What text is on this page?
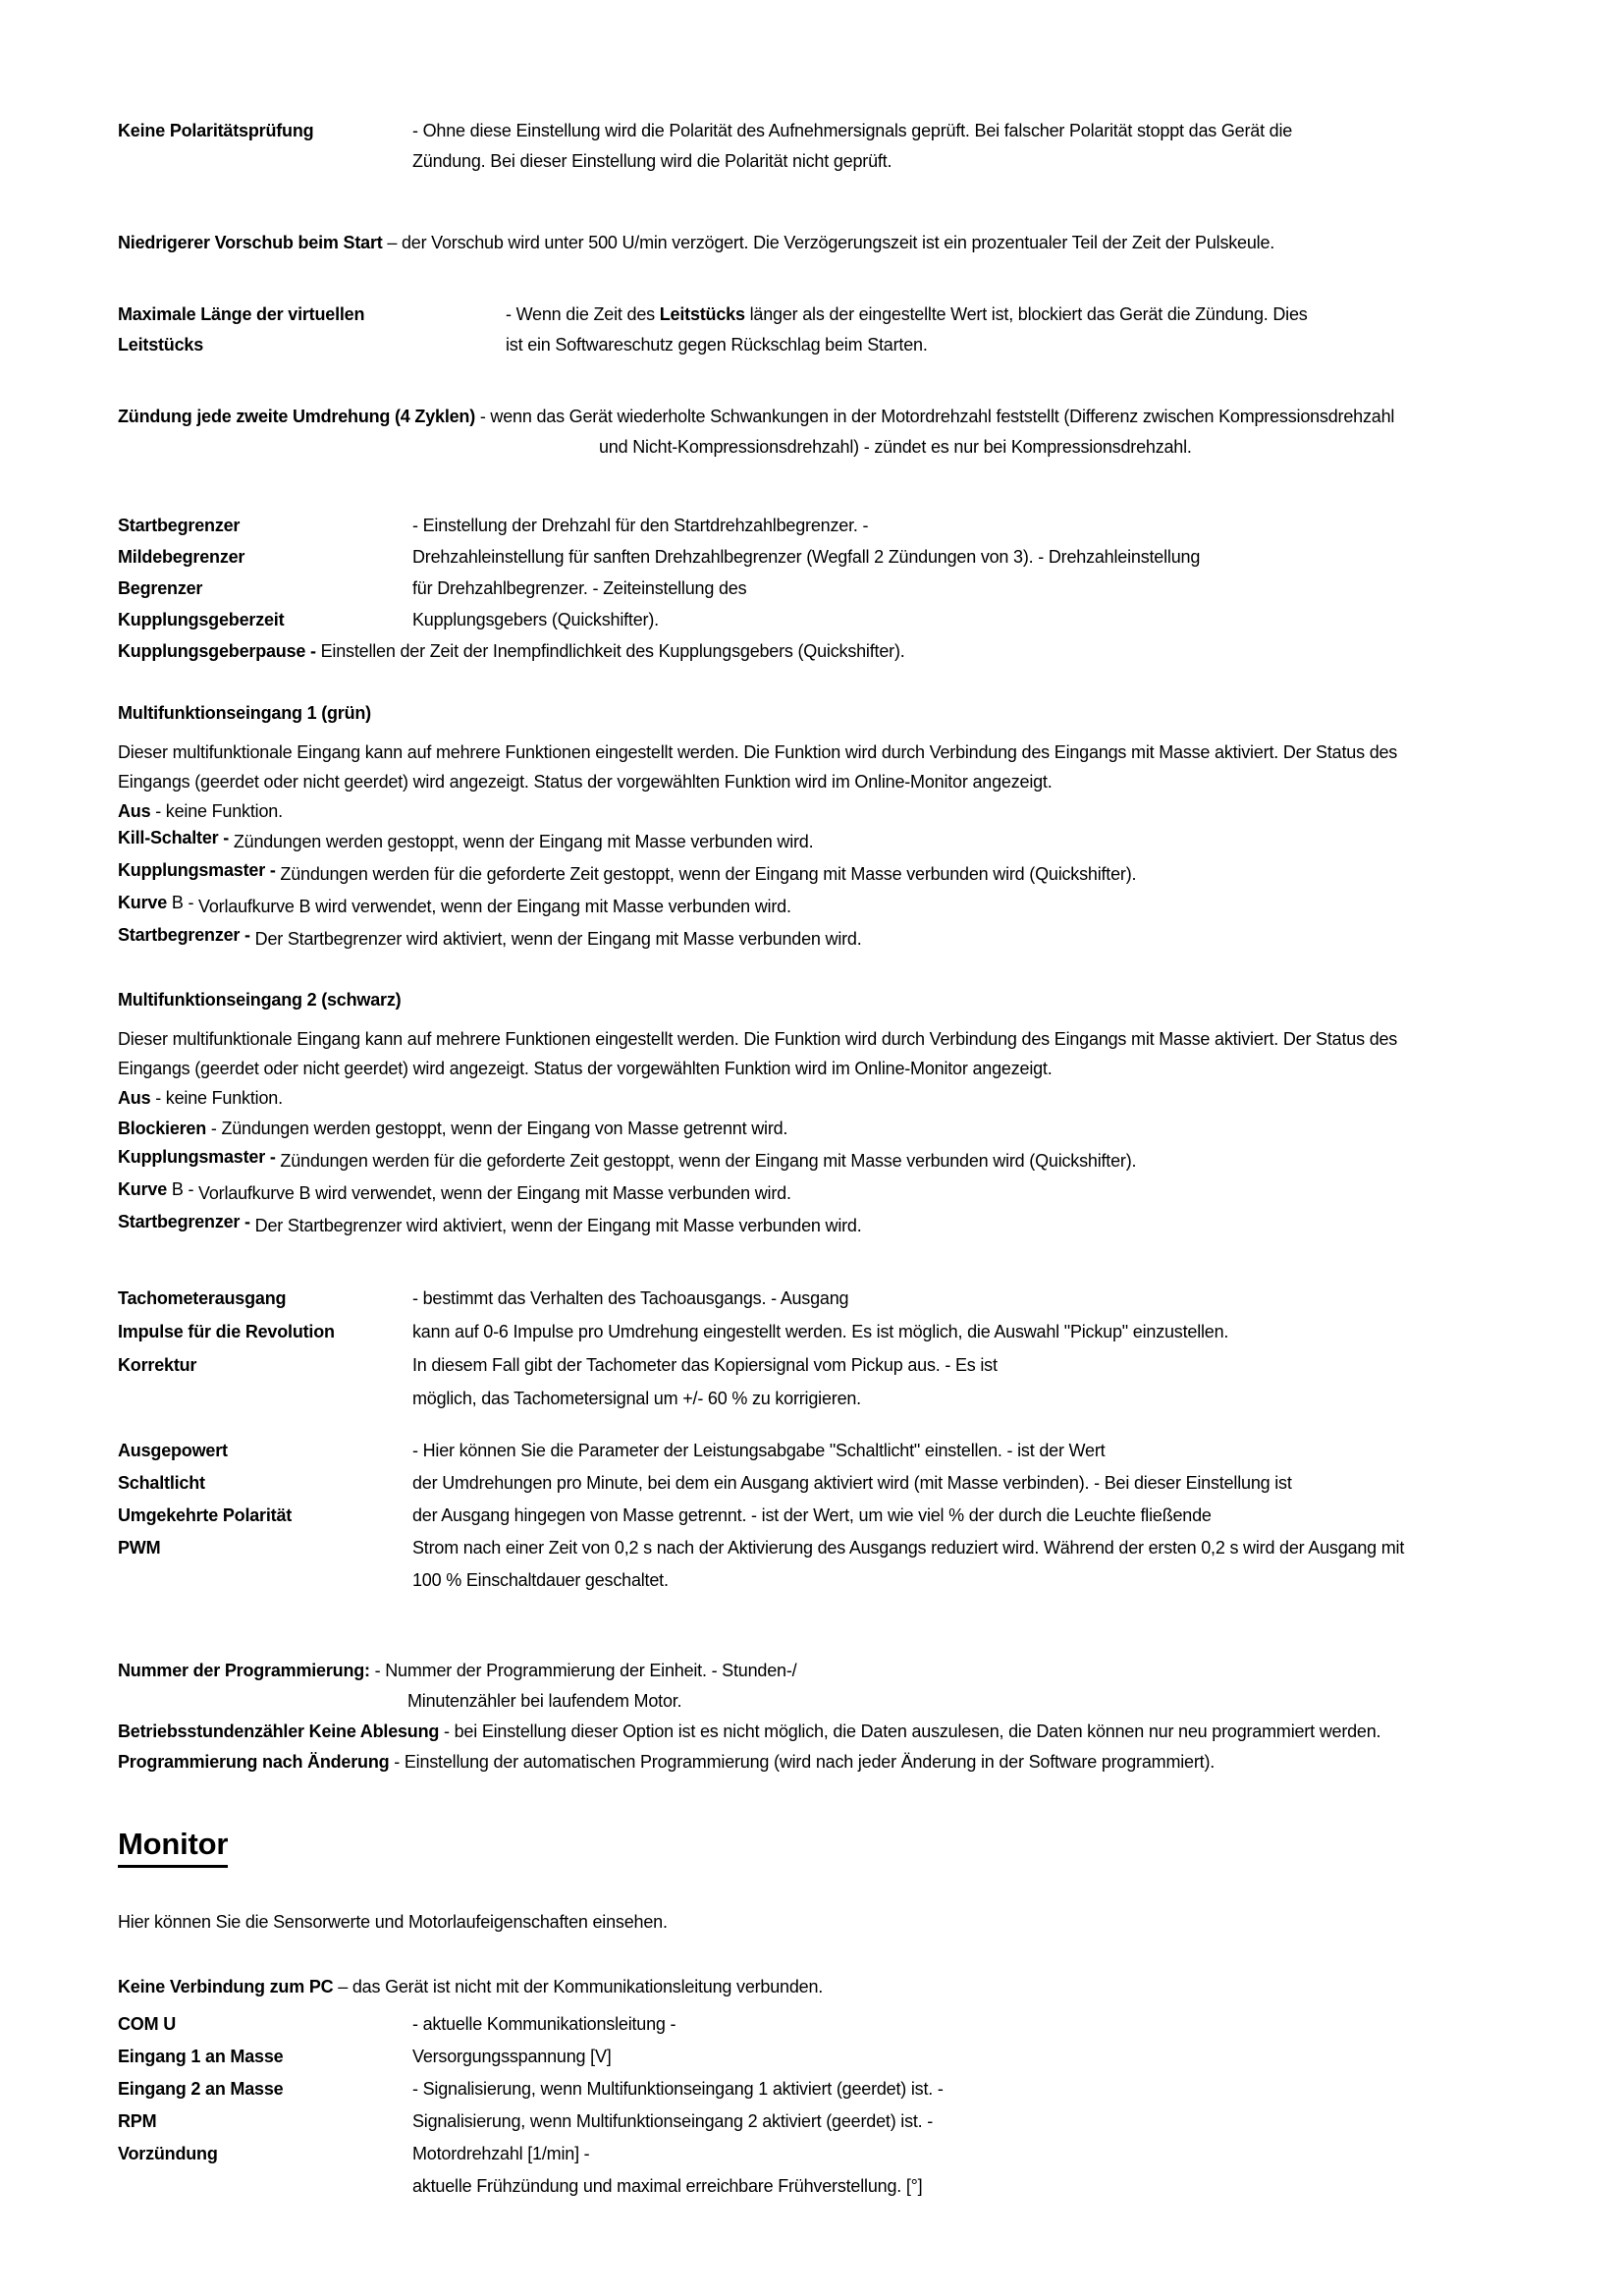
Keine Polaritätsprüfung	- Ohne diese Einstellung wird die Polarität des Aufnehmersignals geprüft. Bei falscher Polarität stoppt das Gerät die
Zündung. Bei dieser Einstellung wird die Polarität nicht geprüft.
Niedrigerer Vorschub beim Start – der Vorschub wird unter 500 U/min verzögert. Die Verzögerungszeit ist ein prozentualer Teil der Zeit der Pulskeule.
Maximale Länge der virtuellen
Leitstücks
- Wenn die Zeit des Leitstücks länger als der eingestellte Wert ist, blockiert das Gerät die Zündung. Dies
ist ein Softwareschutz gegen Rückschlag beim Starten.
Zündung jede zweite Umdrehung (4 Zyklen) - wenn das Gerät wiederholte Schwankungen in der Motordrehzahl feststellt (Differenz zwischen Kompressionsdrehzahl
und Nicht-Kompressionsdrehzahl) - zündet es nur bei Kompressionsdrehzahl.
Startbegrenzer
Mildebegrenzer
Begrenzer
Kupplungsgeberzeit
- Einstellung der Drehzahl für den Startdrehzahlbegrenzer. -
Drehzahleinstellung für sanften Drehzahlbegrenzer (Wegfall 2 Zündungen von 3). - Drehzahleinstellung
für Drehzahlbegrenzer. - Zeiteinstellung des
Kupplungsgebers (Quickshifter).
Kupplungsgeberpause - Einstellen der Zeit der Inempfindlichkeit des Kupplungsgebers (Quickshifter).
Multifunktionseingang 1 (grün)
Dieser multifunktionale Eingang kann auf mehrere Funktionen eingestellt werden. Die Funktion wird durch Verbindung des Eingangs mit Masse aktiviert. Der Status des
Eingangs (geerdet oder nicht geerdet) wird angezeigt. Status der vorgewählten Funktion wird im Online-Monitor angezeigt.
Aus - keine Funktion.
Kill-Schalter - Zündungen werden gestoppt, wenn der Eingang mit Masse verbunden wird.
Kupplungsmaster - Zündungen werden für die geforderte Zeit gestoppt, wenn der Eingang mit Masse verbunden wird (Quickshifter).
Kurve B - Vorlaufkurve B wird verwendet, wenn der Eingang mit Masse verbunden wird.
Startbegrenzer - Der Startbegrenzer wird aktiviert, wenn der Eingang mit Masse verbunden wird.
Multifunktionseingang 2 (schwarz)
Dieser multifunktionale Eingang kann auf mehrere Funktionen eingestellt werden. Die Funktion wird durch Verbindung des Eingangs mit Masse aktiviert. Der Status des
Eingangs (geerdet oder nicht geerdet) wird angezeigt. Status der vorgewählten Funktion wird im Online-Monitor angezeigt.
Aus - keine Funktion.
Blockieren - Zündungen werden gestoppt, wenn der Eingang von Masse getrennt wird.
Kupplungsmaster - Zündungen werden für die geforderte Zeit gestoppt, wenn der Eingang mit Masse verbunden wird (Quickshifter).
Kurve B - Vorlaufkurve B wird verwendet, wenn der Eingang mit Masse verbunden wird.
Startbegrenzer - Der Startbegrenzer wird aktiviert, wenn der Eingang mit Masse verbunden wird.
Tachometerausgang
Impulse für die Revolution
Korrektur
- bestimmt das Verhalten des Tachoausgangs. - Ausgang
kann auf 0-6 Impulse pro Umdrehung eingestellt werden. Es ist möglich, die Auswahl "Pickup" einzustellen.
In diesem Fall gibt der Tachometer das Kopiersignal vom Pickup aus. - Es ist
möglich, das Tachometersignal um +/- 60 % zu korrigieren.
Ausgepowert
Schaltlicht
Umgekehrte Polarität
PWM
- Hier können Sie die Parameter der Leistungsabgabe "Schaltlicht" einstellen. - ist der Wert
der Umdrehungen pro Minute, bei dem ein Ausgang aktiviert wird (mit Masse verbinden). - Bei dieser Einstellung ist
der Ausgang hingegen von Masse getrennt. - ist der Wert, um wie viel % der durch die Leuchte fließende
Strom nach einer Zeit von 0,2 s nach der Aktivierung des Ausgangs reduziert wird. Während der ersten 0,2 s wird der Ausgang mit
100 % Einschaltdauer geschaltet.
Nummer der Programmierung: - Nummer der Programmierung der Einheit. - Stunden-/
Minutenzähler bei laufendem Motor.
Betriebsstundenzähler Keine Ablesung - bei Einstellung dieser Option ist es nicht möglich, die Daten auszulesen, die Daten können nur neu programmiert werden.
Programmierung nach Änderung - Einstellung der automatischen Programmierung (wird nach jeder Änderung in der Software programmiert).
Monitor
Hier können Sie die Sensorwerte und Motorlaufeigenschaften einsehen.
Keine Verbindung zum PC – das Gerät ist nicht mit der Kommunikationsleitung verbunden.
COM U
Eingang 1 an Masse
Eingang 2 an Masse
RPM
Vorzündung
- aktuelle Kommunikationsleitung -
Versorgungsspannung [V]
- Signalisierung, wenn Multifunktionseingang 1 aktiviert (geerdet) ist. -
Signalisierung, wenn Multifunktionseingang 2 aktiviert (geerdet) ist. -
Motordrehzahl [1/min] -
aktuelle Frühzündung und maximal erreichbare Frühverstellung. [°]
